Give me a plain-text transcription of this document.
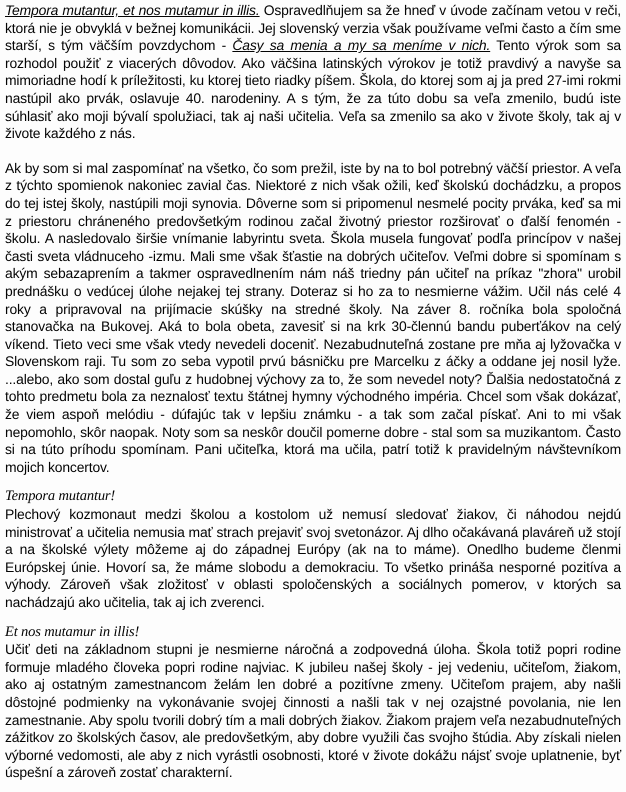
Tempora mutantur, et nos mutamur in illis. Ospravedlňujem sa že hneď v úvode začínam vetou v reči, ktorá nie je obvyklá v bežnej komunikácii. Jej slovenský verzia však používame veľmi často a čím sme starší, s tým väčším povzdychom - Časy sa menia a my sa meníme v nich. Tento výrok som sa rozhodol použiť z viacerých dôvodov. Ako väčšina latinských výrokov je totiž pravdivý a navyše sa mimoriadne hodí k príležitosti, ku ktorej tieto riadky píšem. Škola, do ktorej som aj ja pred 27-imi rokmi nastúpil ako prvák, oslavuje 40. narodeniny. A s tým, že za túto dobu sa veľa zmenilo, budú iste súhlasiť ako moji bývalí spolužiaci, tak aj naši učitelia. Veľa sa zmenilo sa ako v živote školy, tak aj v živote každého z nás.

Ak by som si mal zaspomínať na všetko, čo som prežil, iste by na to bol potrebný väčší priestor. A veľa z týchto spomienok nakoniec zavial čas. Niektoré z nich však ožili, keď školskú dochádzku, a propos do tej istej školy, nastúpili moji synovia. Dôverne som si pripomenul nesmelé pocity prváka, keď sa mi z priestoru chráneného predovšetkým rodinou začal životný priestor rozširovať o ďalší fenomén - školu. A nasledovalo širšie vnímanie labyrintu sveta. Škola musela fungovať podľa princípov v našej časti sveta vládnuceho -izmu. Mali sme však šťastie na dobrých učiteľov. Veľmi dobre si spomínam s akým sebazaprením a takmer ospravedlnením nám náš triedny pán učiteľ na príkaz "zhora" urobil prednášku o vedúcej úlohe nejakej tej strany. Doteraz si ho za to nesmierne vážim. Učil nás celé 4 roky a pripravoval na prijímacie skúšky na stredné školy. Na záver 8. ročníka bola spoločná stanovačka na Bukovej. Aká to bola obeta, zavesiť si na krk 30-člennú bandu puberťákov na celý víkend. Tieto veci sme však vtedy nevedeli doceniť. Nezabudnuteľná zostane pre mňa aj lyžovačka v Slovenskom raji. Tu som zo seba vypotil prvú básničku pre Marcelku z áčky a oddane jej nosil lyže. ...alebo, ako som dostal guľu z hudobnej výchovy za to, že som nevedel noty? Ďalšia nedostatočná z tohto predmetu bola za neznalosť textu štátnej hymny východného impéria. Chcel som však dokázať, že viem aspoň melódiu - dúfajúc tak v lepšiu známku - a tak som začal pískať. Ani to mi však nepomohlo, skôr naopak. Noty som sa neskôr doučil pomerne dobre - stal som sa muzikantom. Často si na túto príhodu spomínam. Pani učiteľka, ktorá ma učila, patrí totiž k pravidelným návštevníkom mojich koncertov.

Tempora mutantur!

Plechový kozmonaut medzi školou a kostolom už nemusí sledovať žiakov, či náhodou nejdú ministrovať a učitelia nemusia mať strach prejaviť svoj svetonázor. Aj dlho očakávaná plaváreň už stojí a na školské výlety môžeme aj do západnej Európy (ak na to máme). Onedlho budeme členmi Európskej únie. Hovorí sa, že máme slobodu a demokraciu. To všetko prináša nesporné pozitíva a výhody. Zároveň však zložitosť v oblasti spoločenských a sociálnych pomerov, v ktorých sa nachádzajú ako učitelia, tak aj ich zverenci.

Et nos mutamur in illis!

Učiť deti na základnom stupni je nesmierne náročná a zodpovedná úloha. Škola totiž popri rodine formuje mladého človeka popri rodine najviac. K jubileu našej školy - jej vedeniu, učiteľom, žiakom, ako aj ostatným zamestnancom želám len dobré a pozitívne zmeny. Učiteľom prajem, aby našli dôstojné podmienky na vykonávanie svojej činnosti a našli tak v nej ozajstné povolania, nie len zamestnanie. Aby spolu tvorili dobrý tím a mali dobrých žiakov. Žiakom prajem veľa nezabudnuteľných zážitkov zo školských časov, ale predovšetkým, aby dobre využili čas svojho štúdia. Aby získali nielen výborné vedomosti, ale aby z nich vyrástli osobnosti, ktoré v živote dokážu nájsť svoje uplatnenie, byť úspešní a zároveň zostať charakterní.
